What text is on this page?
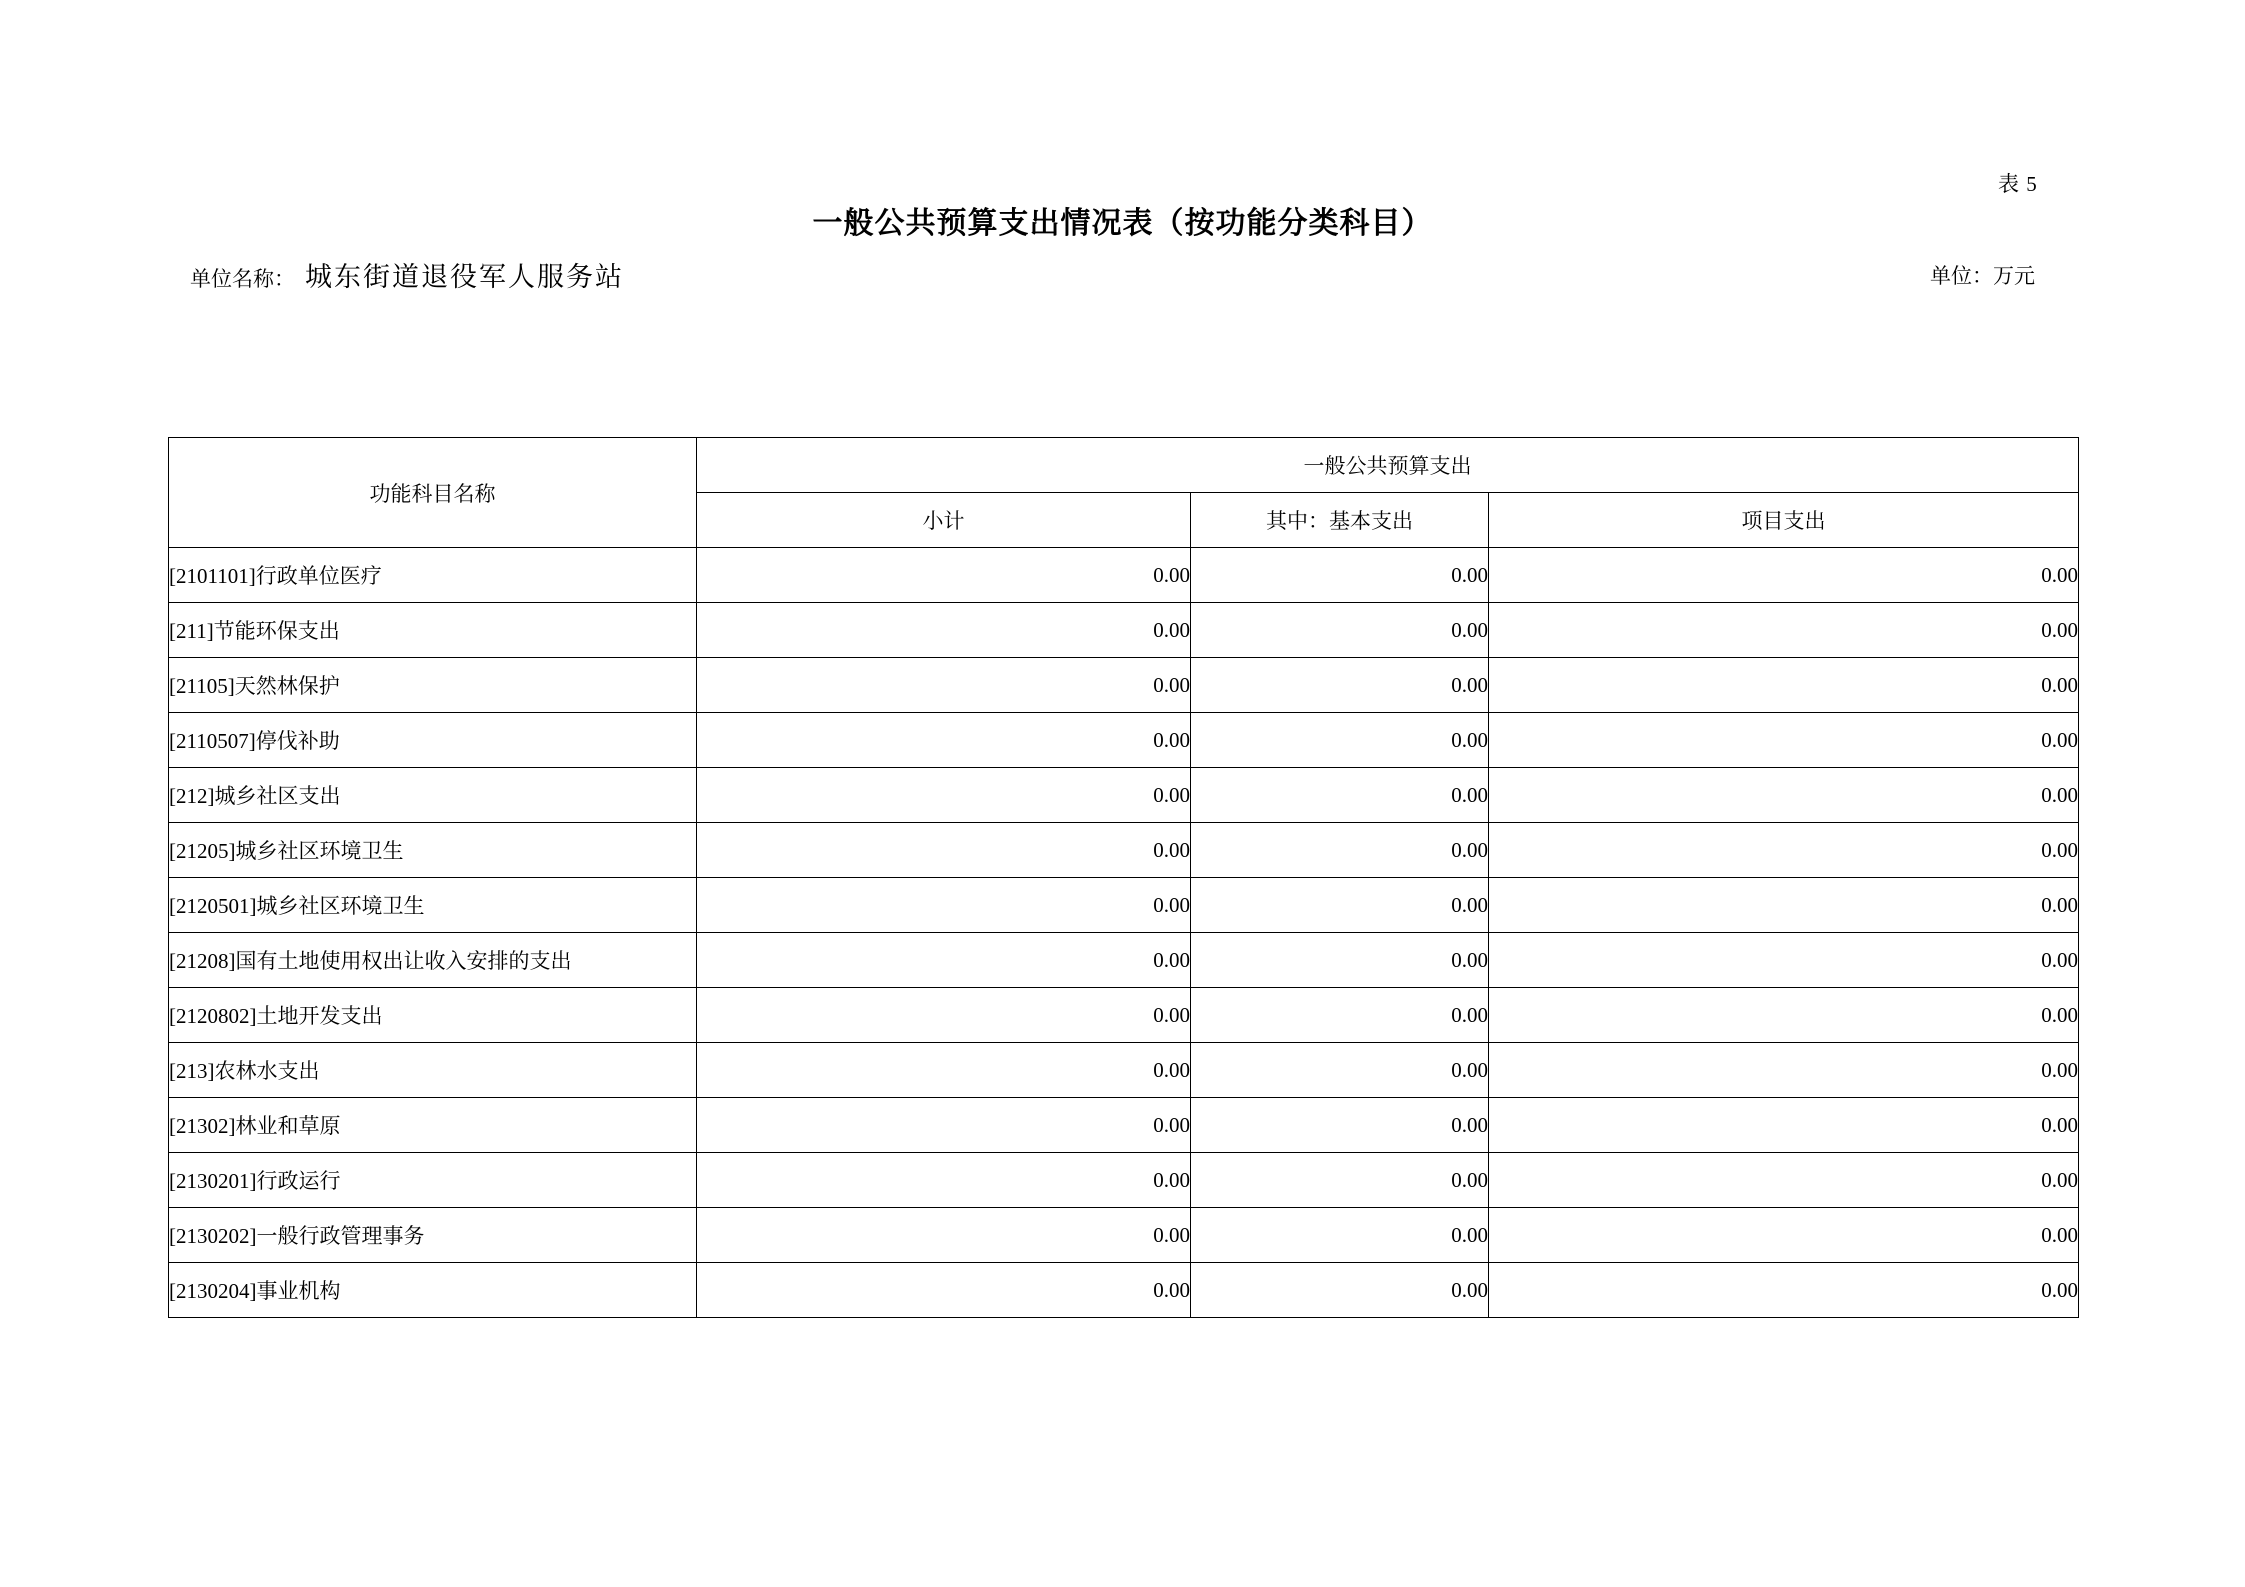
表 5
一般公共预算支出情况表（按功能分类科目）
单位名称： 城东街道退役军人服务站	单位：万元
功能科目名称	一般公共预算支出		
	小计	其中：基本支出	项目支出
[2101101]行政单位医疗	0.00	0.00	0.00
[211]节能环保支出	0.00	0.00	0.00
[21105]天然林保护	0.00	0.00	0.00
[2110507]停伐补助	0.00	0.00	0.00
[212]城乡社区支出	0.00	0.00	0.00
[21205]城乡社区环境卫生	0.00	0.00	0.00
[2120501]城乡社区环境卫生	0.00	0.00	0.00
[21208]国有土地使用权出让收入安排的支出	0.00	0.00	0.00
[2120802]土地开发支出	0.00	0.00	0.00
[213]农林水支出	0.00	0.00	0.00
[21302]林业和草原	0.00	0.00	0.00
[2130201]行政运行	0.00	0.00	0.00
[2130202]一般行政管理事务	0.00	0.00	0.00
[2130204]事业机构	0.00	0.00	0.00
